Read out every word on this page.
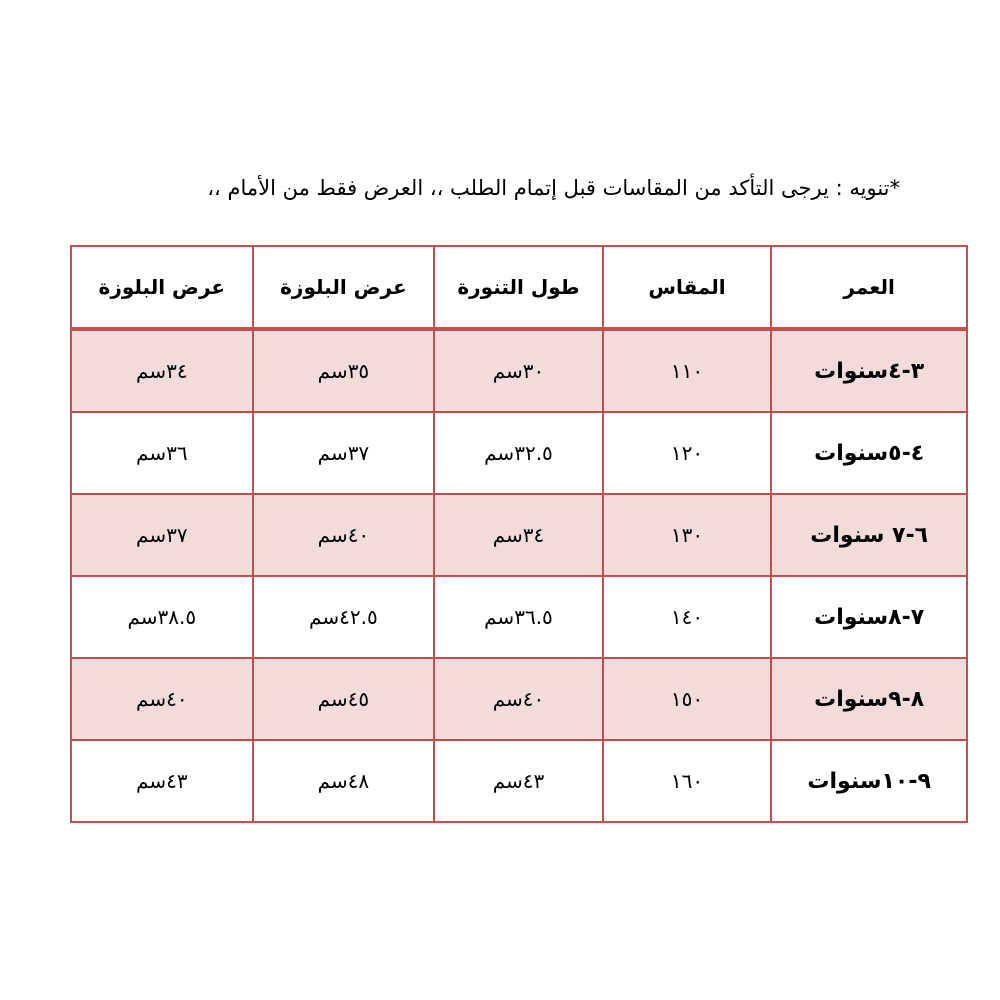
*تنويه : يرجى التأكد من المقاسات قبل إتمام الطلب ،، العرض فقط من الأمام ،،
عرض البلوزة	عرض البلوزة	طول التنورة	المقاس	العمر
٣٤سم	٣٥سم	٣٠سم	١١٠	٣-٤سنوات
٣٦سم	٣٧سم	٣٢.٥سم	١٢٠	٤-٥سنوات
٣٧سم	٤٠سم	٣٤سم	١٣٠	٦-٧ سنوات
٣٨.٥سم	٤٢.٥سم	٣٦.٥سم	١٤٠	٧-٨سنوات
٤٠سم	٤٥سم	٤٠سم	١٥٠	٨-٩سنوات
٤٣سم	٤٨سم	٤٣سم	١٦٠	٩-١٠سنوات
